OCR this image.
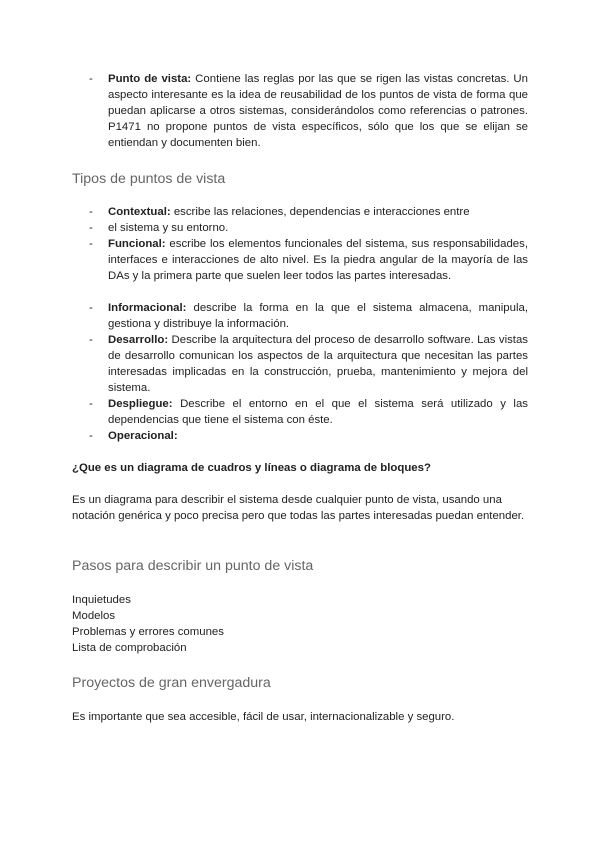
- Punto de vista: Contiene las reglas por las que se rigen las vistas concretas. Un aspecto interesante es la idea de reusabilidad de los puntos de vista de forma que puedan aplicarse a otros sistemas, considerándolos como referencias o patrones. P1471 no propone puntos de vista específicos, sólo que los que se elijan se entiendan y documenten bien.
Tipos de puntos de vista
- Contextual: escribe las relaciones, dependencias e interacciones entre
- el sistema y su entorno.
- Funcional: escribe los elementos funcionales del sistema, sus responsabilidades, interfaces e interacciones de alto nivel. Es la piedra angular de la mayoría de las DAs y la primera parte que suelen leer todos las partes interesadas.
- Informacional: describe la forma en la que el sistema almacena, manipula, gestiona y distribuye la información.
- Desarrollo: Describe la arquitectura del proceso de desarrollo software. Las vistas de desarrollo comunican los aspectos de la arquitectura que necesitan las partes interesadas implicadas en la construcción, prueba, mantenimiento y mejora del sistema.
- Despliegue: Describe el entorno en el que el sistema será utilizado y las dependencias que tiene el sistema con éste.
- Operacional:
¿Que es un diagrama de cuadros y líneas o diagrama de bloques?
Es un diagrama para describir el sistema desde cualquier punto de vista, usando una notación genérica y poco precisa pero que todas las partes interesadas puedan entender.
Pasos para describir un punto de vista
Inquietudes
Modelos
Problemas y errores comunes
Lista de comprobación
Proyectos de gran envergadura
Es importante que sea accesible, fácil de usar, internacionalizable y seguro.
